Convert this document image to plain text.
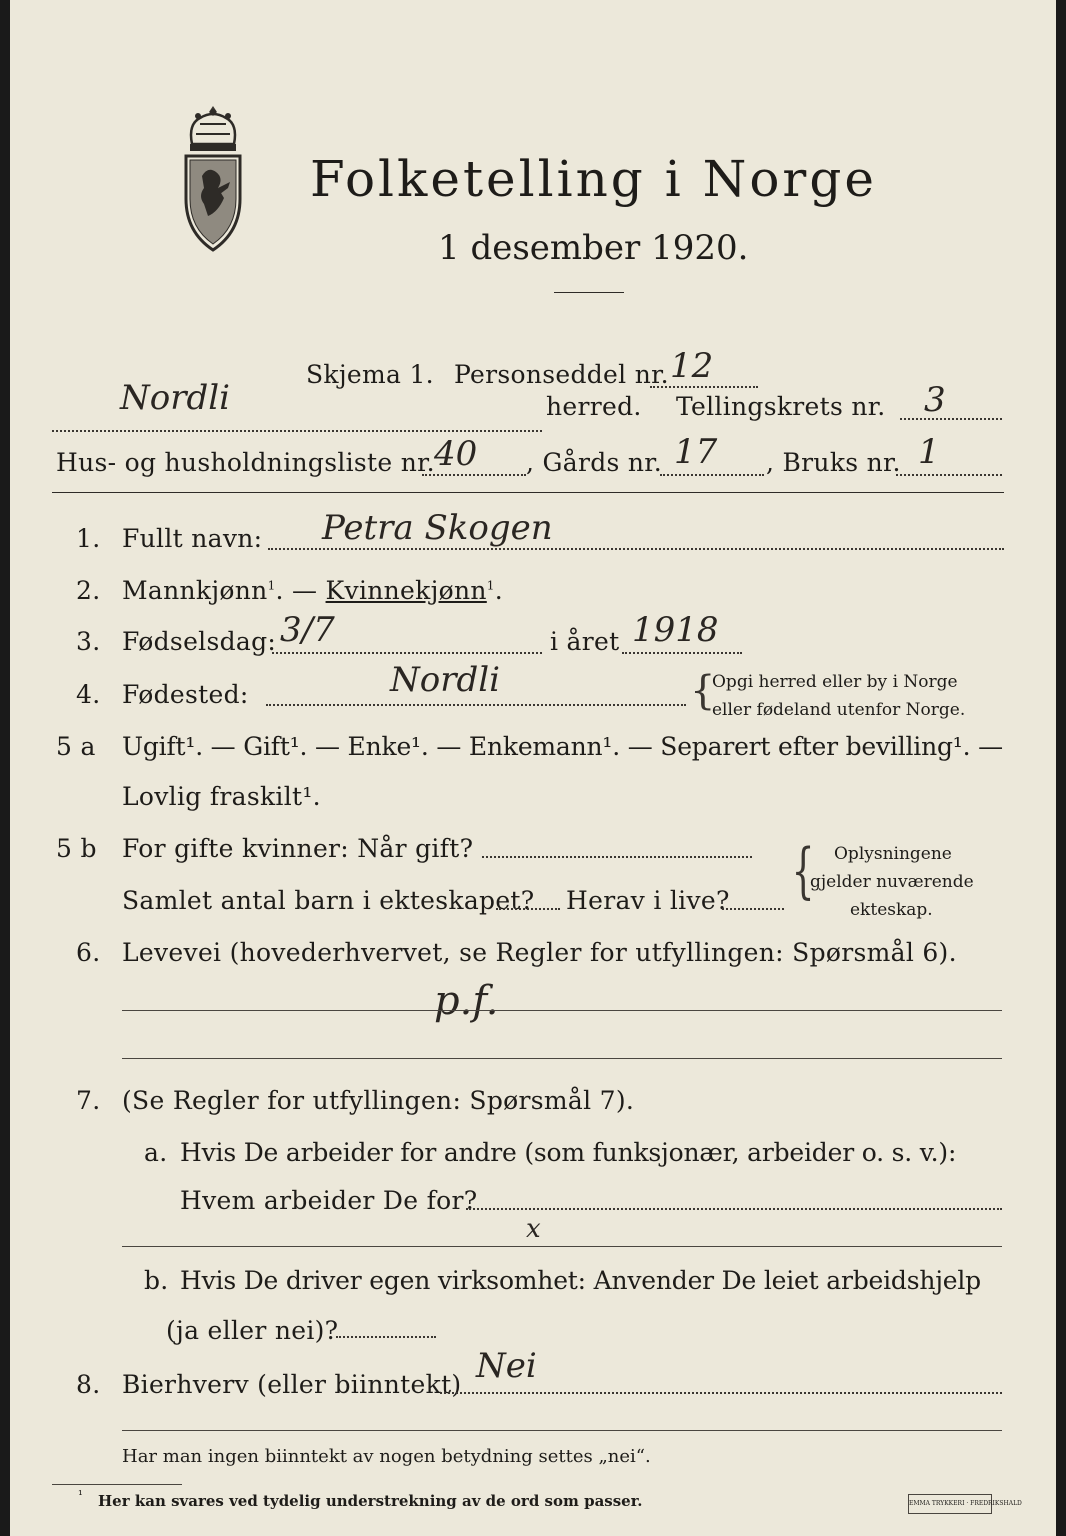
Folketelling i Norge
1 desember 1920.
Skjema 1. Personseddel nr. 12
Nordli	herred. Tellingskrets nr. 3
Hus- og husholdningsliste nr. 40 , Gårds nr. 17 , Bruks nr. 1
1. Fullt navn: Petra Skogen
2. Mannkjønn$^1$. — Kvinnekjønn$^1$.
3. Fødselsdag: 3/7	i året 1918
4. Fødested:	Nordli	{
Opgi herred eller by i Norge
eller fødeland utenfor Norge.
5 a Ugift¹. — Gift¹. — Enke¹. — Enkemann¹. — Separert efter bevilling¹. —
Lovlig fraskilt¹.
5 b For gifte kvinner: Når gift?
Samlet antal barn i ekteskapet? Herav i live? { Oplysningene
gjelder nuværende
ekteskap.
6. Levevei (hovederhvervet, se Regler for utfyllingen: Spørsmål 6).
p.f.
7. (Se Regler for utfyllingen: Spørsmål 7).
a. Hvis De arbeider for andre (som funksjonær, arbeider o. s. v.):
Hvem arbeider De for?
x
b. Hvis De driver egen virksomhet: Anvender De leiet arbeidshjelp
(ja eller nei)?
8. Bierhverv (eller biinntekt) Nei
Har man ingen biinntekt av nogen betydning settes „nei“.
¹ Her kan svares ved tydelig understrekning av de ord som passer.	EMMA TRYKKERI · FREDRIKSHALD
